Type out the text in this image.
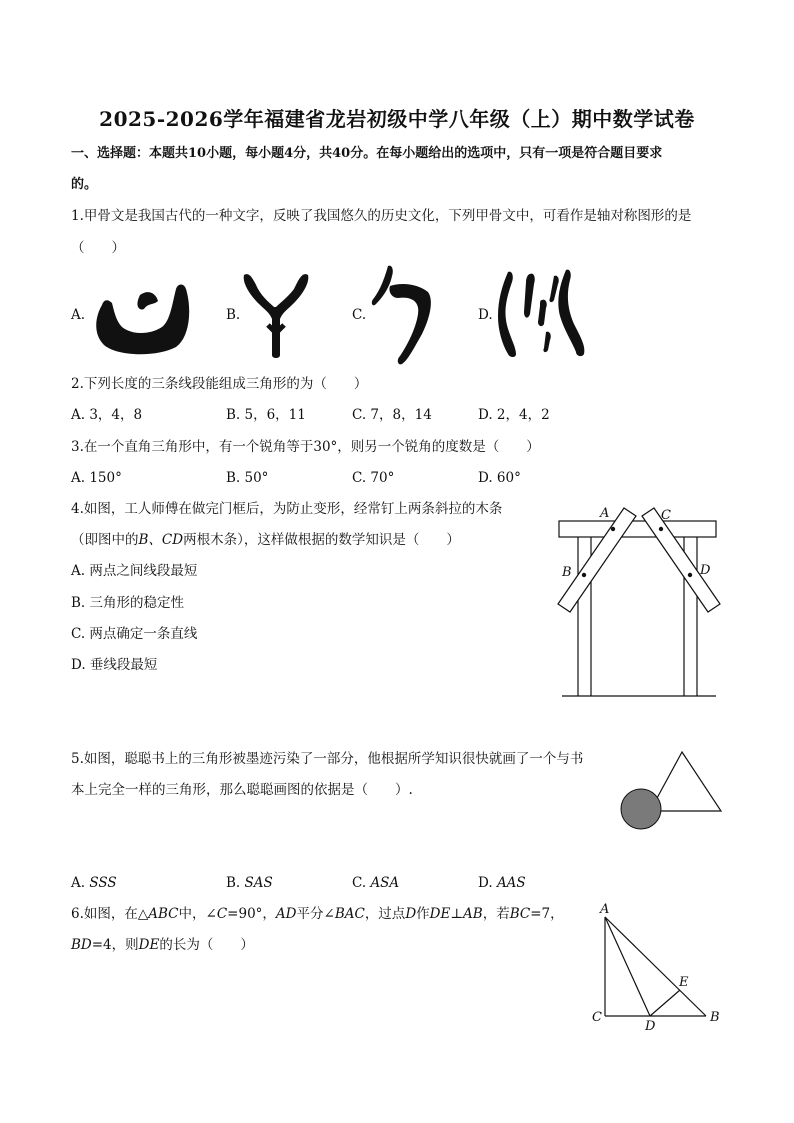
2025-2026学年福建省龙岩初级中学八年级（上）期中数学试卷
一、选择题：本题共10小题，每小题4分，共40分。在每小题给出的选项中，只有一项是符合题目要求
的。
1.甲骨文是我国古代的一种文字，反映了我国悠久的历史文化，下列甲骨文中，可看作是轴对称图形的是
（　　）
A.	B.	C.	D.
2.下列长度的三条线段能组成三角形的为（　　）
A. 3，4，8	B. 5，6，11	C. 7，8，14	D. 2，4，2
3.在一个直角三角形中，有一个锐角等于30°，则另一个锐角的度数是（　　）
A. 150°	B. 50°	C. 70°	D. 60°
4.如图，工人师傅在做完门框后，为防止变形，经常钉上两条斜拉的木条
（即图中的B、CD两根木条），这样做根据的数学知识是（　　）
A. 两点之间线段最短
B. 三角形的稳定性
C. 两点确定一条直线
D. 垂线段最短
A	C
B	D
5.如图，聪聪书上的三角形被墨迹污染了一部分，他根据所学知识很快就画了一个与书
本上完全一样的三角形，那么聪聪画图的依据是（　　）.
A. SSS	B. SAS	C. ASA	D. AAS
6.如图，在△ABC中，∠C=90°，AD平分∠BAC，过点D作DE⊥AB，若BC=7，
BD=4，则DE的长为（　　）
A
E
C
D
B
